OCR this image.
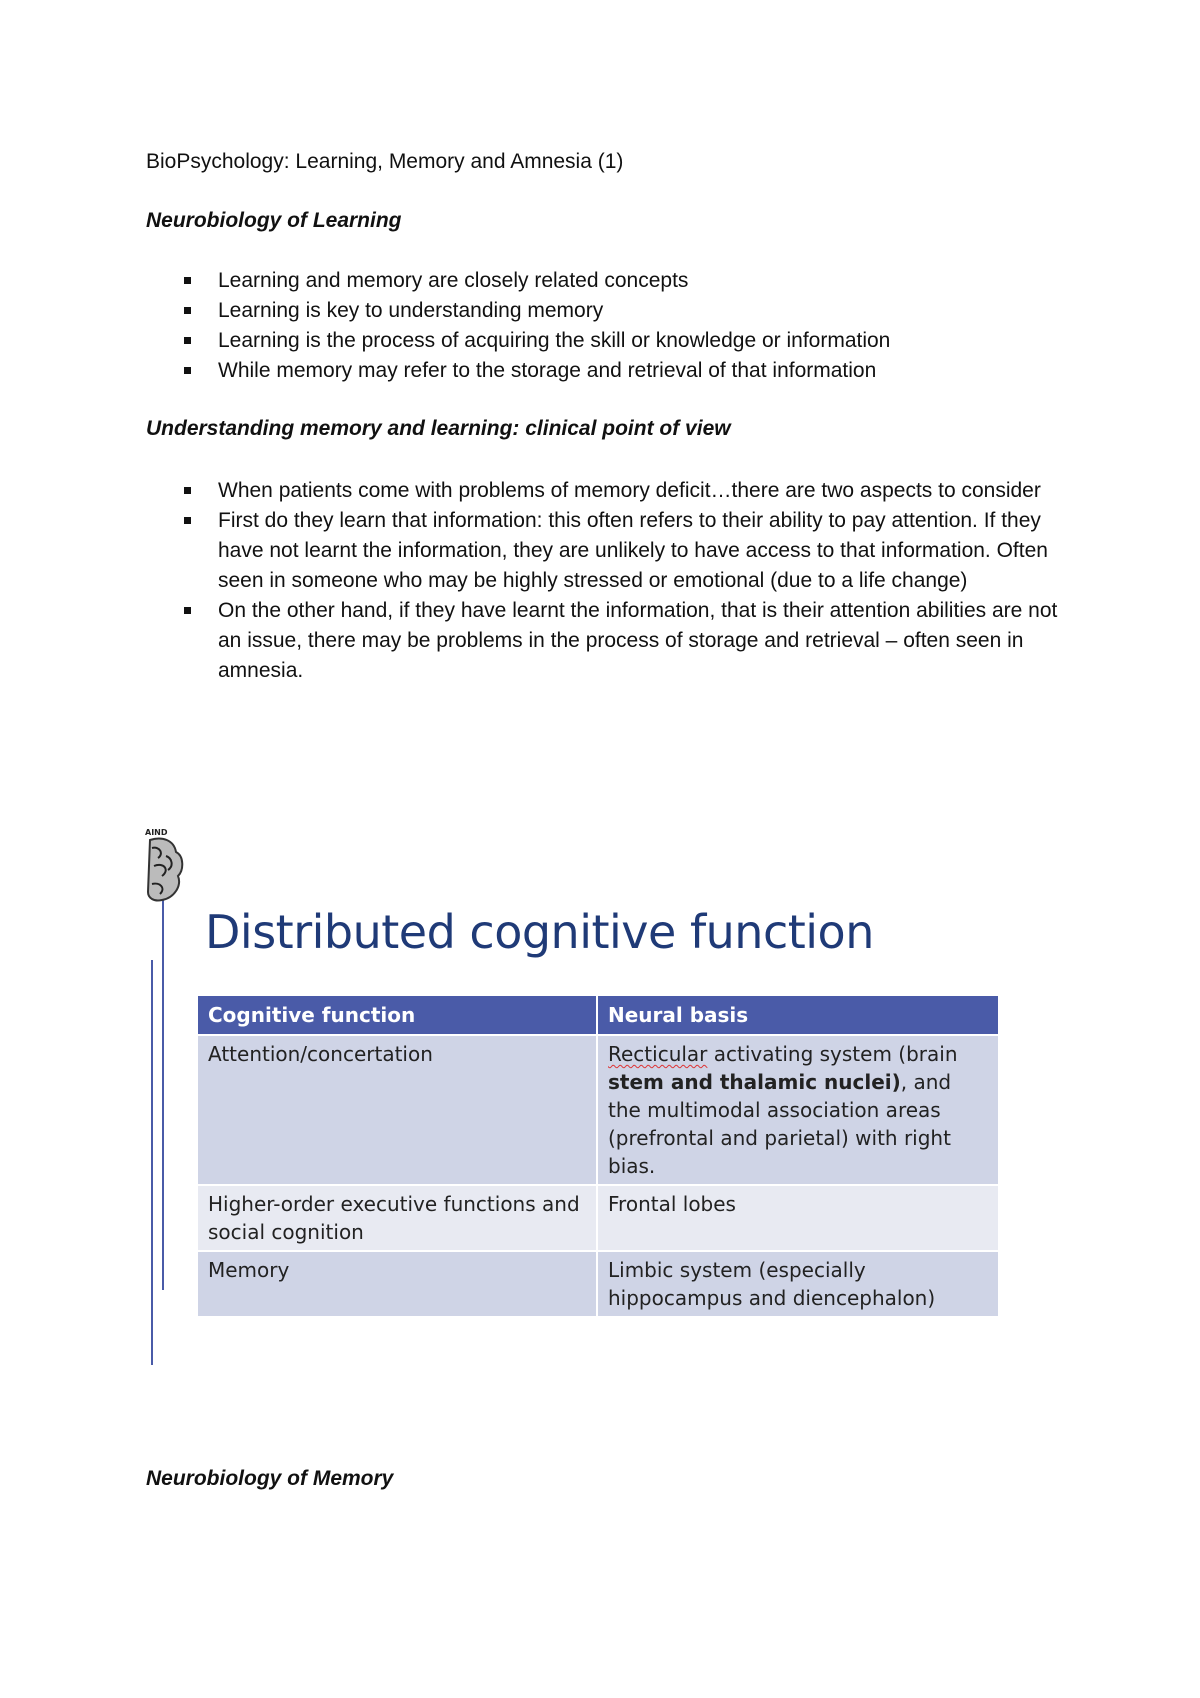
BioPsychology: Learning, Memory and Amnesia (1)
Neurobiology of Learning
Learning and memory are closely related concepts
Learning is key to understanding memory
Learning is the process of acquiring the skill or knowledge or information
While memory may refer to the storage and retrieval of that information
Understanding memory and learning: clinical point of view
When patients come with problems of memory deficit…there are two aspects to consider
First do they learn that information: this often refers to their ability to pay attention. If they have not learnt the information, they are unlikely to have access to that information. Often seen in someone who may be highly stressed or emotional (due to a life change)
On the other hand, if they have learnt the information, that is their attention abilities are not an issue, there may be problems in the process of storage and retrieval – often seen in amnesia.
AIND
Distributed cognitive function
Cognitive function	Neural basis
Attention/concertation	Recticular activating system (brain stem and thalamic nuclei), and the multimodal association areas (prefrontal and parietal) with right bias.
Higher-order executive functions and social cognition	Frontal lobes
Memory	Limbic system (especially hippocampus and diencephalon)
Neurobiology of Memory
